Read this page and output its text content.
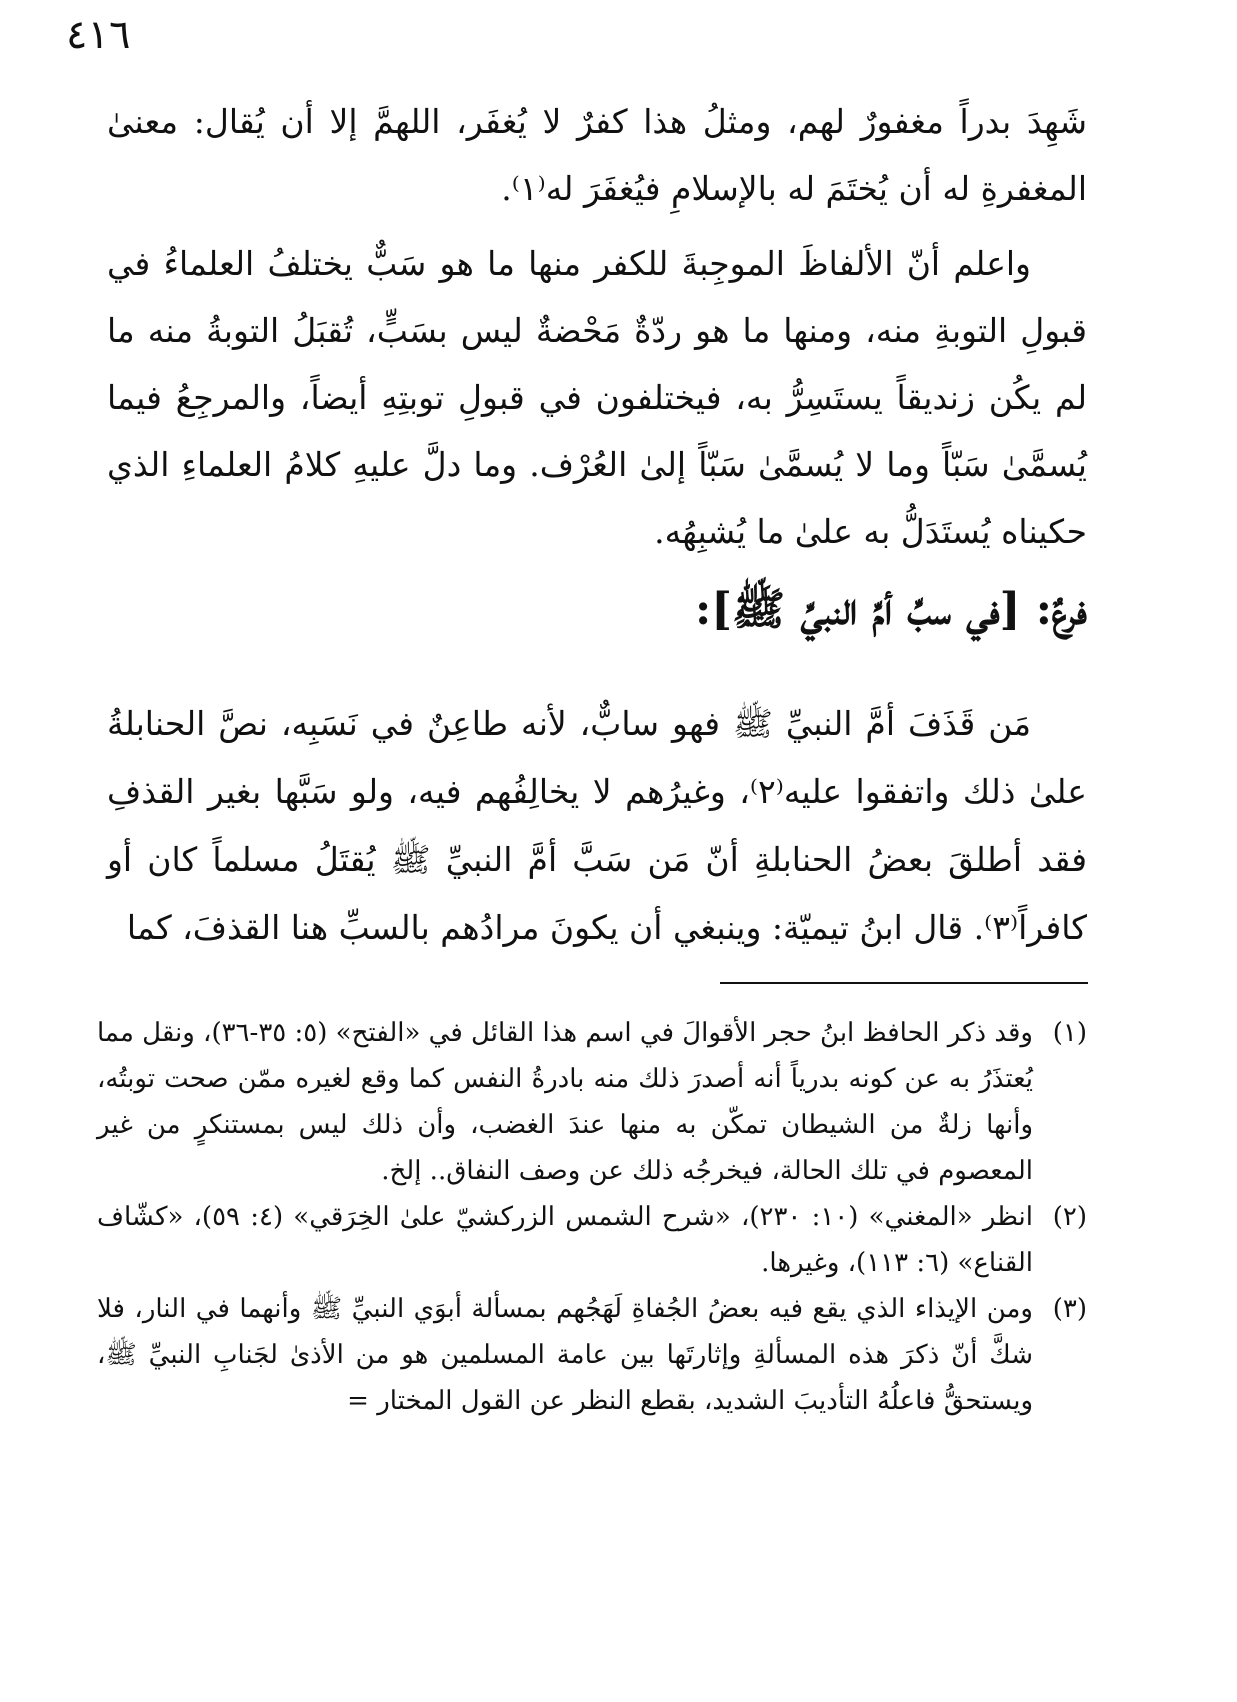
٤١٦

شَهِدَ بدراً مغفورٌ لهم، ومثلُ هذا كفرٌ لا يُغفَر، اللهمَّ إلا أن يُقال: معنىٰ المغفرةِ له أن يُختَمَ له بالإسلامِ فيُغفَرَ له⁽١⁾.

واعلم أنّ الألفاظَ الموجِبةَ للكفر منها ما هو سَبٌّ يختلفُ العلماءُ في قبولِ التوبةِ منه، ومنها ما هو ردّةٌ مَحْضةٌ ليس بسَبٍّ، تُقبَلُ التوبةُ منه ما لم يكُن زنديقاً يستَسِرُّ به، فيختلفون في قبولِ توبتِهِ أيضاً، والمرجِعُ فيما يُسمَّىٰ سَبّاً وما لا يُسمَّىٰ سَبّاً إلىٰ العُرْف. وما دلَّ عليهِ كلامُ العلماءِ الذي حكيناه يُستَدَلُّ به علىٰ ما يُشبِهُه.

فرعٌ: [في سبِّ أمِّ النبيِّ ﷺ]:

مَن قَذَفَ أمَّ النبيِّ ﷺ فهو سابٌّ، لأنه طاعِنٌ في نَسَبِه، نصَّ الحنابلةُ علىٰ ذلك واتفقوا عليه⁽٢⁾، وغيرُهم لا يخالِفُهم فيه، ولو سَبَّها بغير القذفِ فقد أطلقَ بعضُ الحنابلةِ أنّ مَن سَبَّ أمَّ النبيِّ ﷺ يُقتَلُ مسلماً كان أو كافراً⁽٣⁾. قال ابنُ تيميّة: وينبغي أن يكونَ مرادُهم بالسبِّ هنا القذفَ، كما

(١)
وقد ذكر الحافظ ابنُ حجر الأقوالَ في اسم هذا القائل في «الفتح» (٥: ٣٥-٣٦)، ونقل مما يُعتذَرُ به عن كونه بدرياً أنه أصدرَ ذلك منه بادرةُ النفس كما وقع لغيره ممّن صحت توبتُه، وأنها زلةٌ من الشيطان تمكّن به منها عندَ الغضب، وأن ذلك ليس بمستنكرٍ من غير المعصوم في تلك الحالة، فيخرجُه ذلك عن وصف النفاق.. إلخ.
(٢)
انظر «المغني» (١٠: ٢٣٠)، «شرح الشمس الزركشيّ علىٰ الخِرَقي» (٤: ٥٩)، «كشّاف القناع» (٦: ١١٣)، وغيرها.
(٣)
ومن الإيذاء الذي يقع فيه بعضُ الجُفاةِ لَهَجُهم بمسألة أبوَي النبيِّ ﷺ وأنهما في النار، فلا شكَّ أنّ ذكرَ هذه المسألةِ وإثارتَها بين عامة المسلمين هو من الأذىٰ لجَنابِ النبيِّ ﷺ، ويستحقُّ فاعلُهُ التأديبَ الشديد، بقطع النظر عن القول المختار =
